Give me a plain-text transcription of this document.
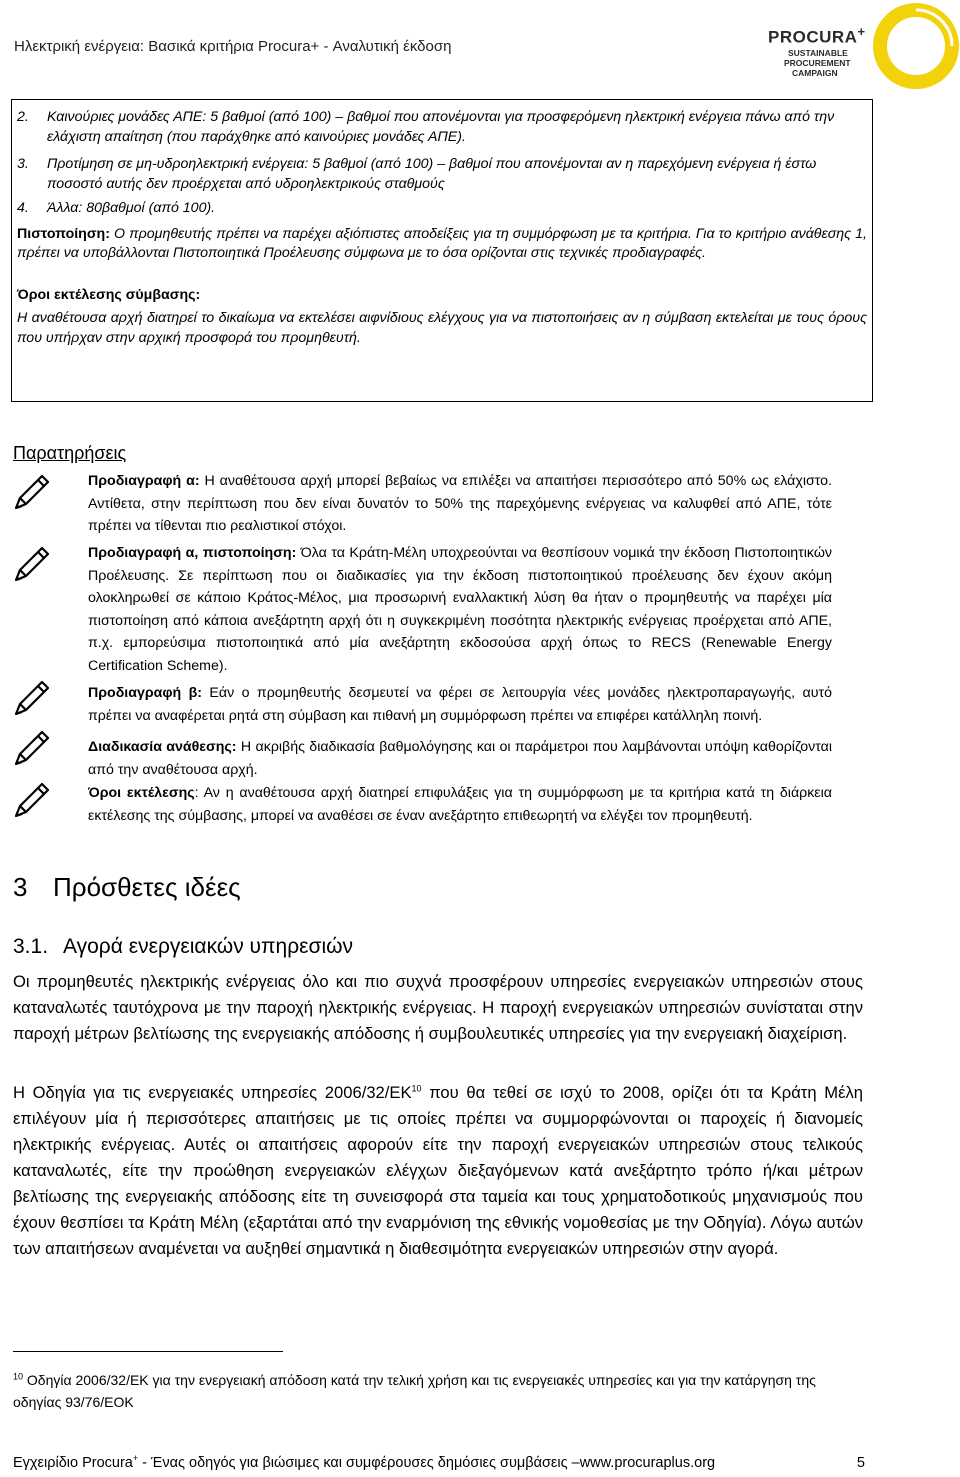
Ηλεκτρική ενέργεια: Βασικά κριτήρια Procura+ - Αναλυτική έκδοση	PROCURA+
SUSTAINABLE
PROCUREMENT
CAMPAIGN
2. Καινούριες μονάδες ΑΠΕ: 5 βαθμοί (από 100) – βαθμοί που απονέμονται για προσφερόμενη ηλεκτρική ενέργεια πάνω από την ελάχιστη απαίτηση (που παράχθηκε από καινούριες μονάδες ΑΠΕ).
3. Προτίμηση σε μη-υδροηλεκτρική ενέργεια: 5 βαθμοί (από 100) – βαθμοί που απονέμονται αν η παρεχόμενη ενέργεια ή έστω ποσοστό αυτής δεν προέρχεται από υδροηλεκτρικούς σταθμούς
4. Άλλα: 80βαθμοί (από 100).
Πιστοποίηση: Ο προμηθευτής πρέπει να παρέχει αξιόπιστες αποδείξεις για τη συμμόρφωση με τα κριτήρια. Για το κριτήριο ανάθεσης 1, πρέπει να υποβάλλονται Πιστοποιητικά Προέλευσης σύμφωνα με το όσα ορίζονται στις τεχνικές προδιαγραφές.
Όροι εκτέλεσης σύμβασης:
Η αναθέτουσα αρχή διατηρεί το δικαίωμα να εκτελέσει αιφνίδιους ελέγχους για να πιστοποιήσεις αν η σύμβαση εκτελείται με τους όρους που υπήρχαν στην αρχική προσφορά του προμηθευτή.
Παρατηρήσεις
Προδιαγραφή α: Η αναθέτουσα αρχή μπορεί βεβαίως να επιλέξει να απαιτήσει περισσότερο από 50% ως ελάχιστο. Αντίθετα, στην περίπτωση που δεν είναι δυνατόν το 50% της παρεχόμενης ενέργειας να καλυφθεί από ΑΠΕ, τότε πρέπει να τίθενται πιο ρεαλιστικοί στόχοι.
Προδιαγραφή α, πιστοποίηση: Όλα τα Κράτη-Μέλη υποχρεούνται να θεσπίσουν νομικά την έκδοση Πιστοποιητικών Προέλευσης. Σε περίπτωση που οι διαδικασίες για την έκδοση πιστοποιητικού προέλευσης δεν έχουν ακόμη ολοκληρωθεί σε κάποιο Κράτος-Μέλος, μια προσωρινή εναλλακτική λύση θα ήταν ο προμηθευτής να παρέχει μία πιστοποίηση από κάποια ανεξάρτητη αρχή ότι η συγκεκριμένη ποσότητα ηλεκτρικής ενέργειας προέρχεται από ΑΠΕ, π.χ. εμπορεύσιμα πιστοποιητικά από μία ανεξάρτητη εκδοσούσα αρχή όπως το RECS (Renewable Energy Certification Scheme).
Προδιαγραφή β: Εάν ο προμηθευτής δεσμευτεί να φέρει σε λειτουργία νέες μονάδες ηλεκτροπαραγωγής, αυτό πρέπει να αναφέρεται ρητά στη σύμβαση και πιθανή μη συμμόρφωση πρέπει να επιφέρει κατάλληλη ποινή.
Διαδικασία ανάθεσης: Η ακριβής διαδικασία βαθμολόγησης και οι παράμετροι που λαμβάνονται υπόψη καθορίζονται από την αναθέτουσα αρχή.
Όροι εκτέλεσης: Αν η αναθέτουσα αρχή διατηρεί επιφυλάξεις για τη συμμόρφωση με τα κριτήρια κατά τη διάρκεια εκτέλεσης της σύμβασης, μπορεί να αναθέσει σε έναν ανεξάρτητο επιθεωρητή να ελέγξει τον προμηθευτή.
3 Πρόσθετες ιδέες
3.1. Αγορά ενεργειακών υπηρεσιών
Οι προμηθευτές ηλεκτρικής ενέργειας όλο και πιο συχνά προσφέρουν υπηρεσίες ενεργειακών υπηρεσιών στους καταναλωτές ταυτόχρονα με την παροχή ηλεκτρικής ενέργειας. Η παροχή ενεργειακών υπηρεσιών συνίσταται στην παροχή μέτρων βελτίωσης της ενεργειακής απόδοσης ή συμβουλευτικές υπηρεσίες για την ενεργειακή διαχείριση.
Η Οδηγία για τις ενεργειακές υπηρεσίες 2006/32/ΕΚ$^{10}$ που θα τεθεί σε ισχύ το 2008, ορίζει ότι τα Κράτη Μέλη επιλέγουν μία ή περισσότερες απαιτήσεις με τις οποίες πρέπει να συμμορφώνονται οι παροχείς ή διανομείς ηλεκτρικής ενέργειας. Αυτές οι απαιτήσεις αφορούν είτε την παροχή ενεργειακών υπηρεσιών στους τελικούς καταναλωτές, είτε την προώθηση ενεργειακών ελέγχων διεξαγόμενων κατά ανεξάρτητο τρόπο ή/και μέτρων βελτίωσης της ενεργειακής απόδοσης είτε τη συνεισφορά στα ταμεία και τους χρηματοδοτικούς μηχανισμούς που έχουν θεσπίσει τα Κράτη Μέλη (εξαρτάται από την εναρμόνιση της εθνικής νομοθεσίας με την Οδηγία). Λόγω αυτών των απαιτήσεων αναμένεται να αυξηθεί σημαντικά η διαθεσιμότητα ενεργειακών υπηρεσιών στην αγορά.
$^{10}$ Οδηγία 2006/32/ΕΚ για την ενεργειακή απόδοση κατά την τελική χρήση και τις ενεργειακές υπηρεσίες και για την κατάργηση της οδηγίας 93/76/ΕΟΚ
Εγχειρίδιο Procura+ - Ένας οδηγός για βιώσιμες και συμφέρουσες δημόσιες συμβάσεις –www.procuraplus.org	5
